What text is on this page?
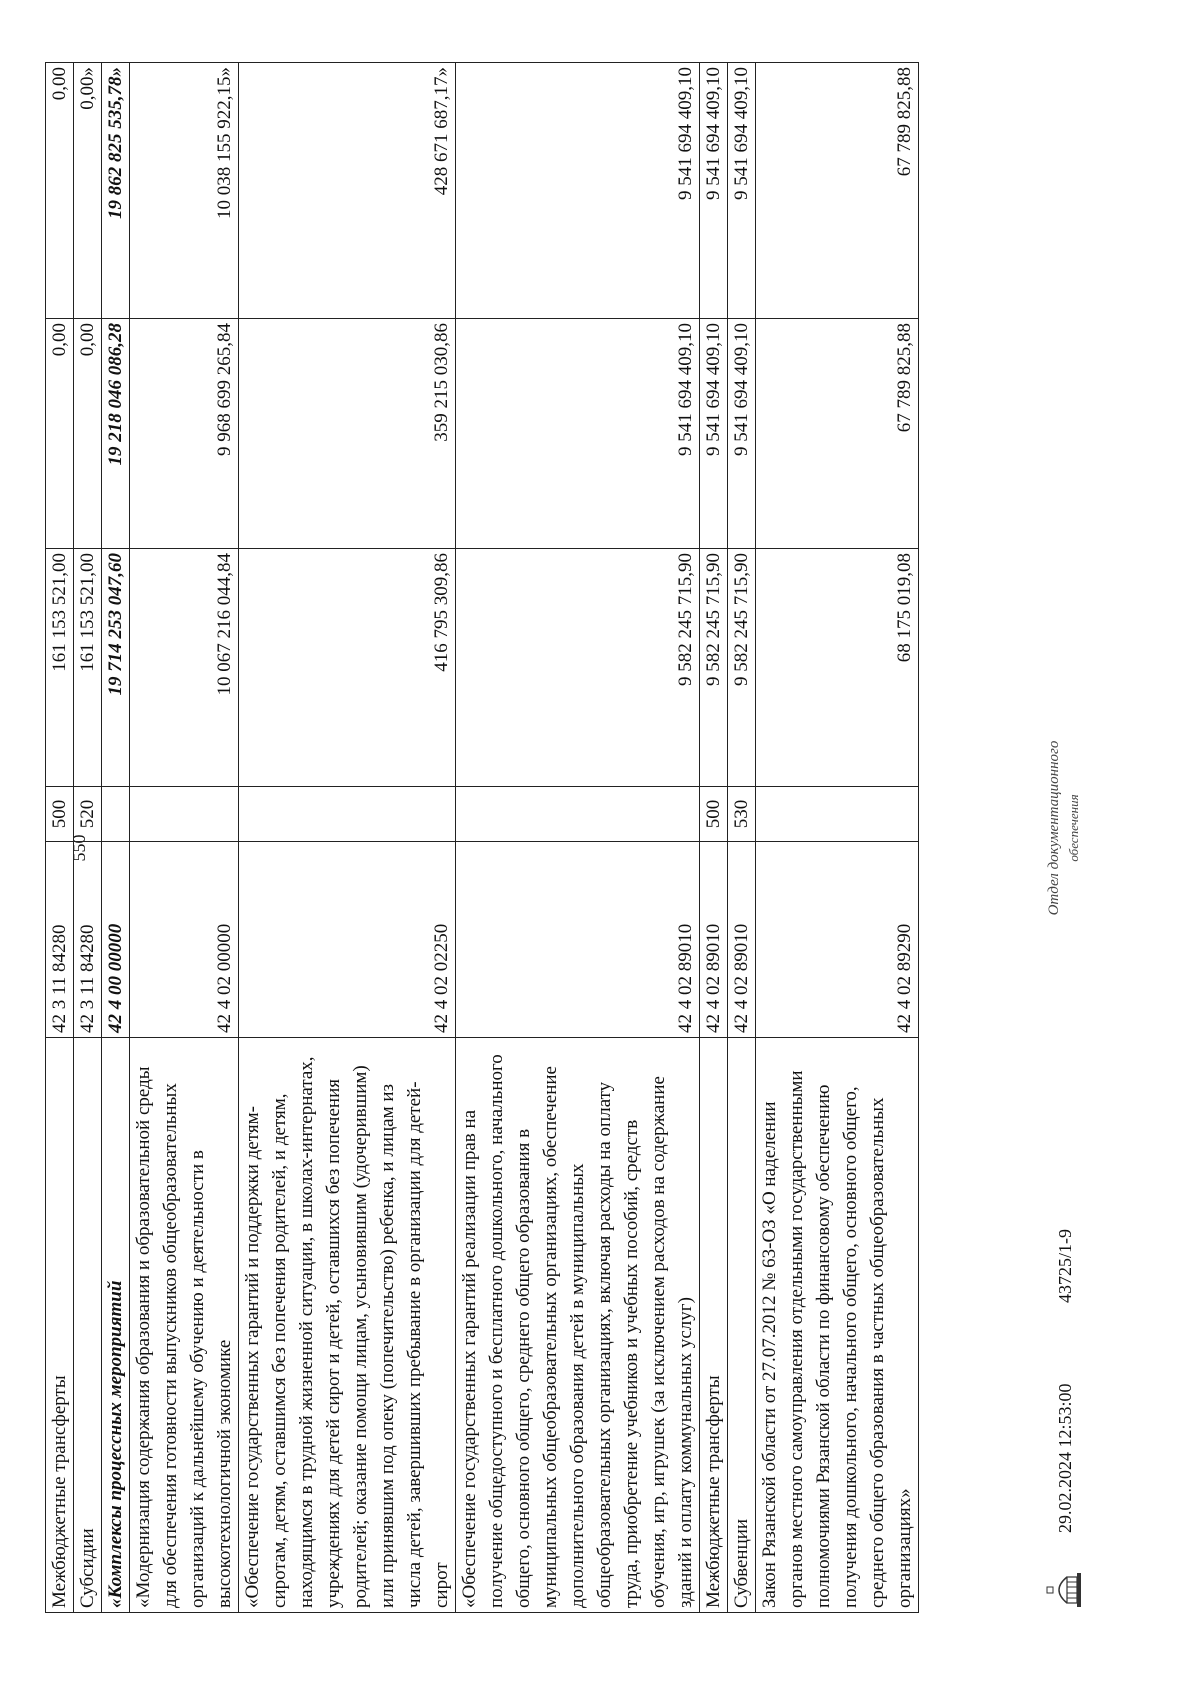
550
Межбюджетные трансферты	42 3 11 84280	500	161 153 521,00	0,00	0,00
Субсидии	42 3 11 84280	520	161 153 521,00	0,00	0,00»
«Комплексы процессных мероприятий	42 4 00 00000		19 714 253 047,60	19 218 046 086,28	19 862 825 535,78»
«Модернизация содержания образования и образовательной среды для обеспечения готовности выпускников общеобразовательных организаций к дальнейшему обучению и деятельности в высокотехнологичной экономике	42 4 02 00000		10 067 216 044,84	9 968 699 265,84	10 038 155 922,15»
«Обеспечение государственных гарантий и поддержки детям-сиротам, детям, оставшимся без попечения родителей, и детям, находящимся в трудной жизненной ситуации, в школах-интернатах, учреждениях для детей сирот и детей, оставшихся без попечения родителей; оказание помощи лицам, усыновившим (удочерившим) или принявшим под опеку (попечительство) ребенка, и лицам из числа детей, завершивших пребывание в организации для детей-сирот	42 4 02 02250		416 795 309,86	359 215 030,86	428 671 687,17»
«Обеспечение государственных гарантий реализации прав на получение общедоступного и бесплатного дошкольного, начального общего, основного общего, среднего общего образования в муниципальных общеобразовательных организациях, обеспечение дополнительного образования детей в муниципальных общеобразовательных организациях, включая расходы на оплату труда, приобретение учебников и учебных пособий, средств обучения, игр, игрушек (за исключением расходов на содержание зданий и оплату коммунальных услуг)	42 4 02 89010		9 582 245 715,90	9 541 694 409,10	9 541 694 409,10
Межбюджетные трансферты	42 4 02 89010	500	9 582 245 715,90	9 541 694 409,10	9 541 694 409,10
Субвенции	42 4 02 89010	530	9 582 245 715,90	9 541 694 409,10	9 541 694 409,10
Закон Рязанской области от 27.07.2012 № 63-ОЗ «О наделении органов местного самоуправления отдельными государственными полномочиями Рязанской области по финансовому обеспечению получения дошкольного, начального общего, основного общего, среднего общего образования в частных общеобразовательных организациях»	42 4 02 89290		68 175 019,08	67 789 825,88	67 789 825,88
29.02.2024 12:53:00
43725/1-9
Отдел документационного обеспечения
